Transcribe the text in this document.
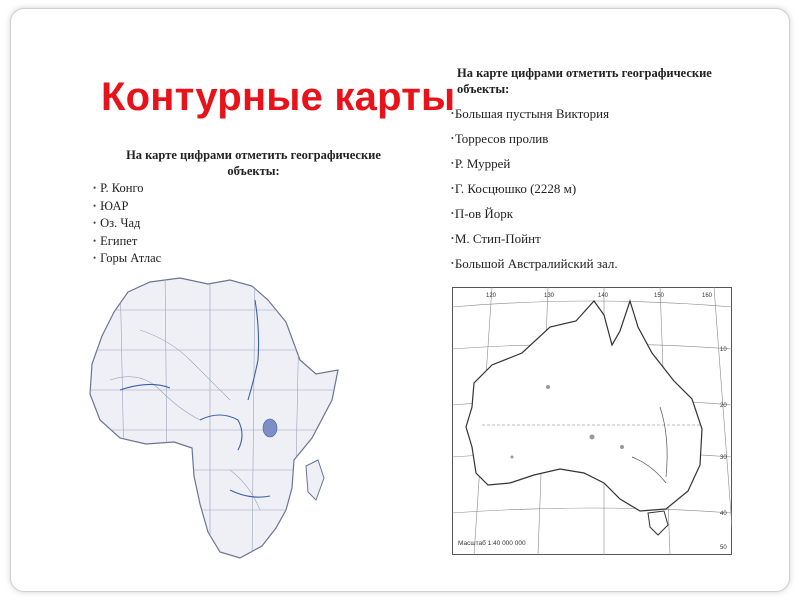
Контурные карты
На карте цифрами отметить географические объекты:
• Р. Конго
• ЮАР
• Оз. Чад
• Египет
• Горы Атлас
На карте цифрами отметить географические объекты:
• Большая пустыня Виктория
• Торресов пролив
• Р. Муррей
• Г. Косцюшко (2228 м)
• П-ов Йорк
• М. Стип-Пойнт
• Большой Австралийский зал.
120	130	140	150	160
10
20
30
40
50
Масштаб 1:40 000 000
